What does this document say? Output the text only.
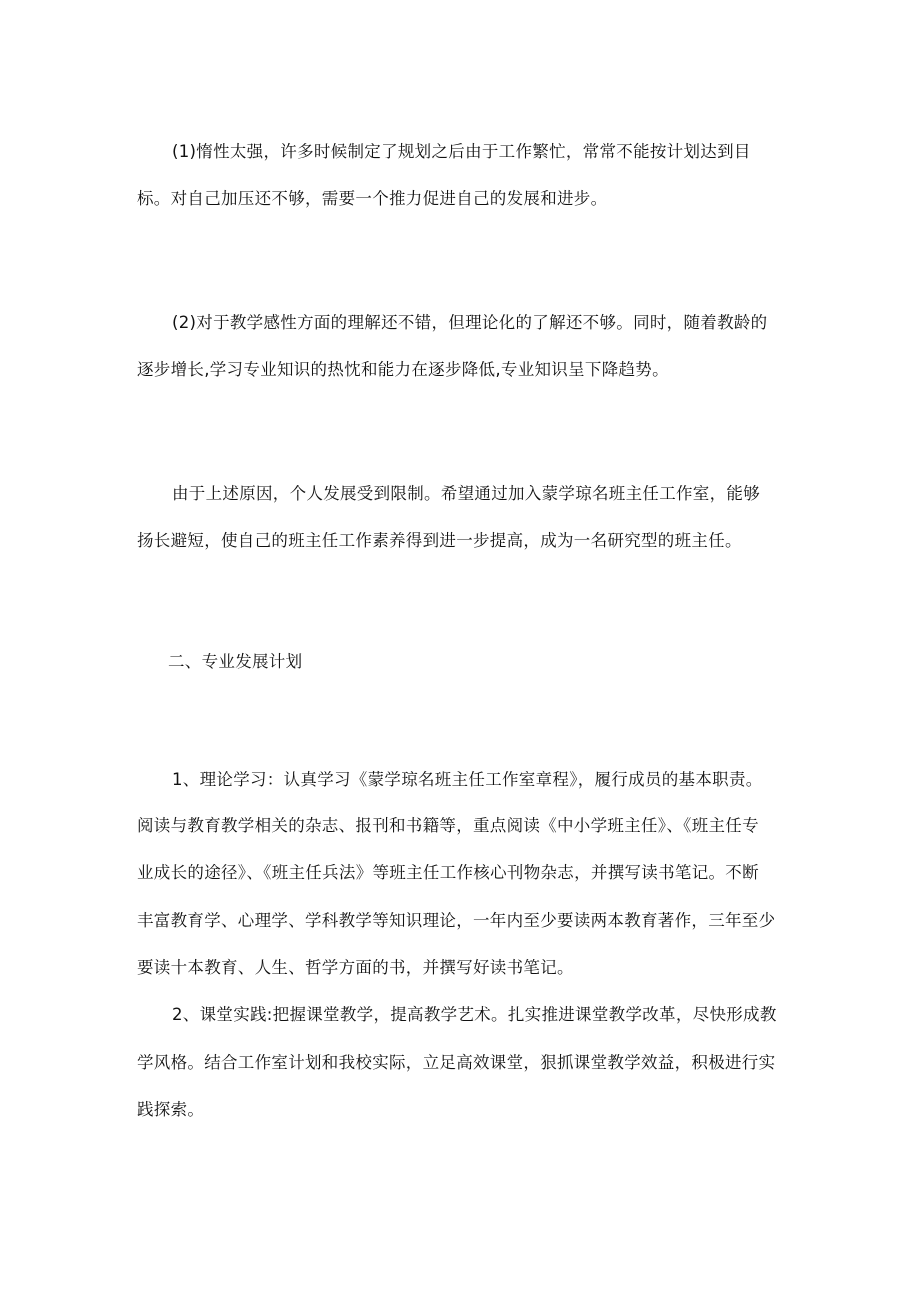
(1)惰性太强，许多时候制定了规划之后由于工作繁忙，常常不能按计划达到目
标。对自己加压还不够，需要一个推力促进自己的发展和进步。
(2)对于教学感性方面的理解还不错，但理论化的了解还不够。同时，随着教龄的
逐步增长,学习专业知识的热忱和能力在逐步降低,专业知识呈下降趋势。
由于上述原因，个人发展受到限制。希望通过加入蒙学琼名班主任工作室，能够
扬长避短，使自己的班主任工作素养得到进一步提高，成为一名研究型的班主任。
二、专业发展计划
1、理论学习：认真学习《蒙学琼名班主任工作室章程》，履行成员的基本职责。
阅读与教育教学相关的杂志、报刊和书籍等，重点阅读《中小学班主任》、《班主任专
业成长的途径》、《班主任兵法》等班主任工作核心刊物杂志，并撰写读书笔记。不断
丰富教育学、心理学、学科教学等知识理论，一年内至少要读两本教育著作，三年至少
要读十本教育、人生、哲学方面的书，并撰写好读书笔记。
2、课堂实践:把握课堂教学，提高教学艺术。扎实推进课堂教学改革，尽快形成教
学风格。结合工作室计划和我校实际，立足高效课堂，狠抓课堂教学效益，积极进行实
践探索。
